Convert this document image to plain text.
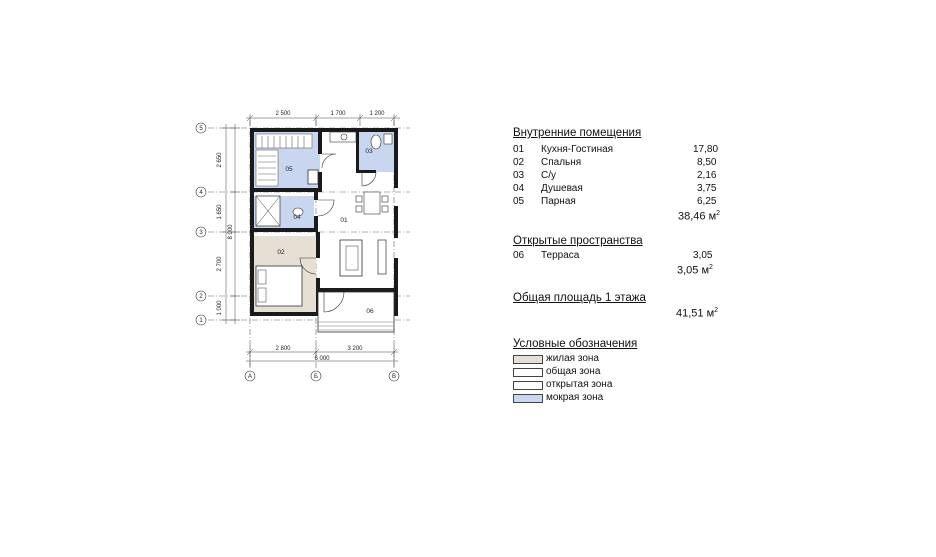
05
03
04	01
02
06
2 500	1 700	1 200
2 800	3 200
6 000
2 650
1 650
2 700
1 000
8 000
5
4
3
2
1
A	Б	В
Внутренние помещения
01 Кухня-Гостиная	17,80
02 Спальня	8,50
03 С/у	2,16
04 Душевая	3,75
05 Парная	6,25
38,46 $м^2$
Открытые пространства
06 Терраса	3,05
3,05 $м^2$
Общая площадь 1 этажа
41,51 $м^2$
Условные обозначения
жилая зона
общая зона
открытая зона
мокрая зона
